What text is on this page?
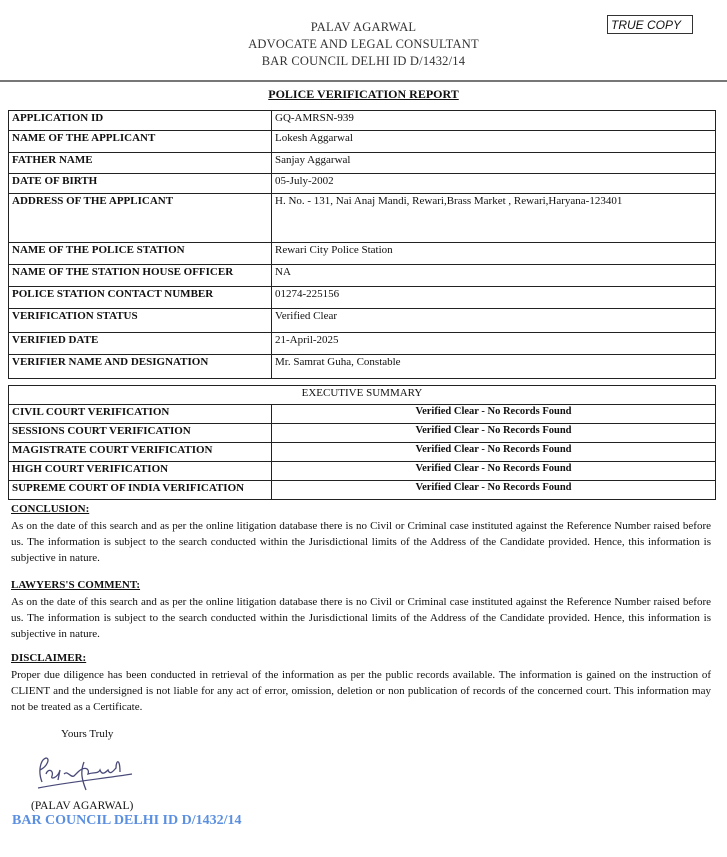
PALAV AGARWAL
ADVOCATE AND LEGAL CONSULTANT
BAR COUNCIL DELHI ID D/1432/14
TRUE COPY
POLICE VERIFICATION REPORT
APPLICATION ID	GQ-AMRSN-939
NAME OF THE APPLICANT	Lokesh Aggarwal
FATHER NAME	Sanjay Aggarwal
DATE OF BIRTH	05-July-2002
ADDRESS OF THE APPLICANT	H. No. - 131, Nai Anaj Mandi, Rewari,Brass Market , Rewari,Haryana-123401
NAME OF THE POLICE STATION	Rewari City Police Station
NAME OF THE STATION HOUSE OFFICER	NA
POLICE STATION CONTACT NUMBER	01274-225156
VERIFICATION STATUS	Verified Clear
VERIFIED DATE	21-April-2025
VERIFIER NAME AND DESIGNATION	Mr. Samrat Guha, Constable
EXECUTIVE SUMMARY	
CIVIL COURT VERIFICATION	Verified Clear - No Records Found
SESSIONS COURT VERIFICATION	Verified Clear - No Records Found
MAGISTRATE COURT VERIFICATION	Verified Clear - No Records Found
HIGH COURT VERIFICATION	Verified Clear - No Records Found
SUPREME COURT OF INDIA VERIFICATION	Verified Clear - No Records Found
CONCLUSION:

As on the date of this search and as per the online litigation database there is no Civil or Criminal case instituted against the Reference Number raised before us. The information is subject to the search conducted within the Jurisdictional limits of the Address of the Candidate provided. Hence, this information is subjective in nature.

LAWYERS'S COMMENT:

As on the date of this search and as per the online litigation database there is no Civil or Criminal case instituted against the Reference Number raised before us. The information is subject to the search conducted within the Jurisdictional limits of the Address of the Candidate provided. Hence, this information is subjective in nature.

DISCLAIMER:

Proper due diligence has been conducted in retrieval of the information as per the public records available. The information is gained on the instruction of CLIENT and the undersigned is not liable for any act of error, omission, deletion or non publication of records of the concerned court. This information may not be treated as a Certificate.

Yours Truly
(PALAV AGARWAL)
BAR COUNCIL DELHI ID D/1432/14
